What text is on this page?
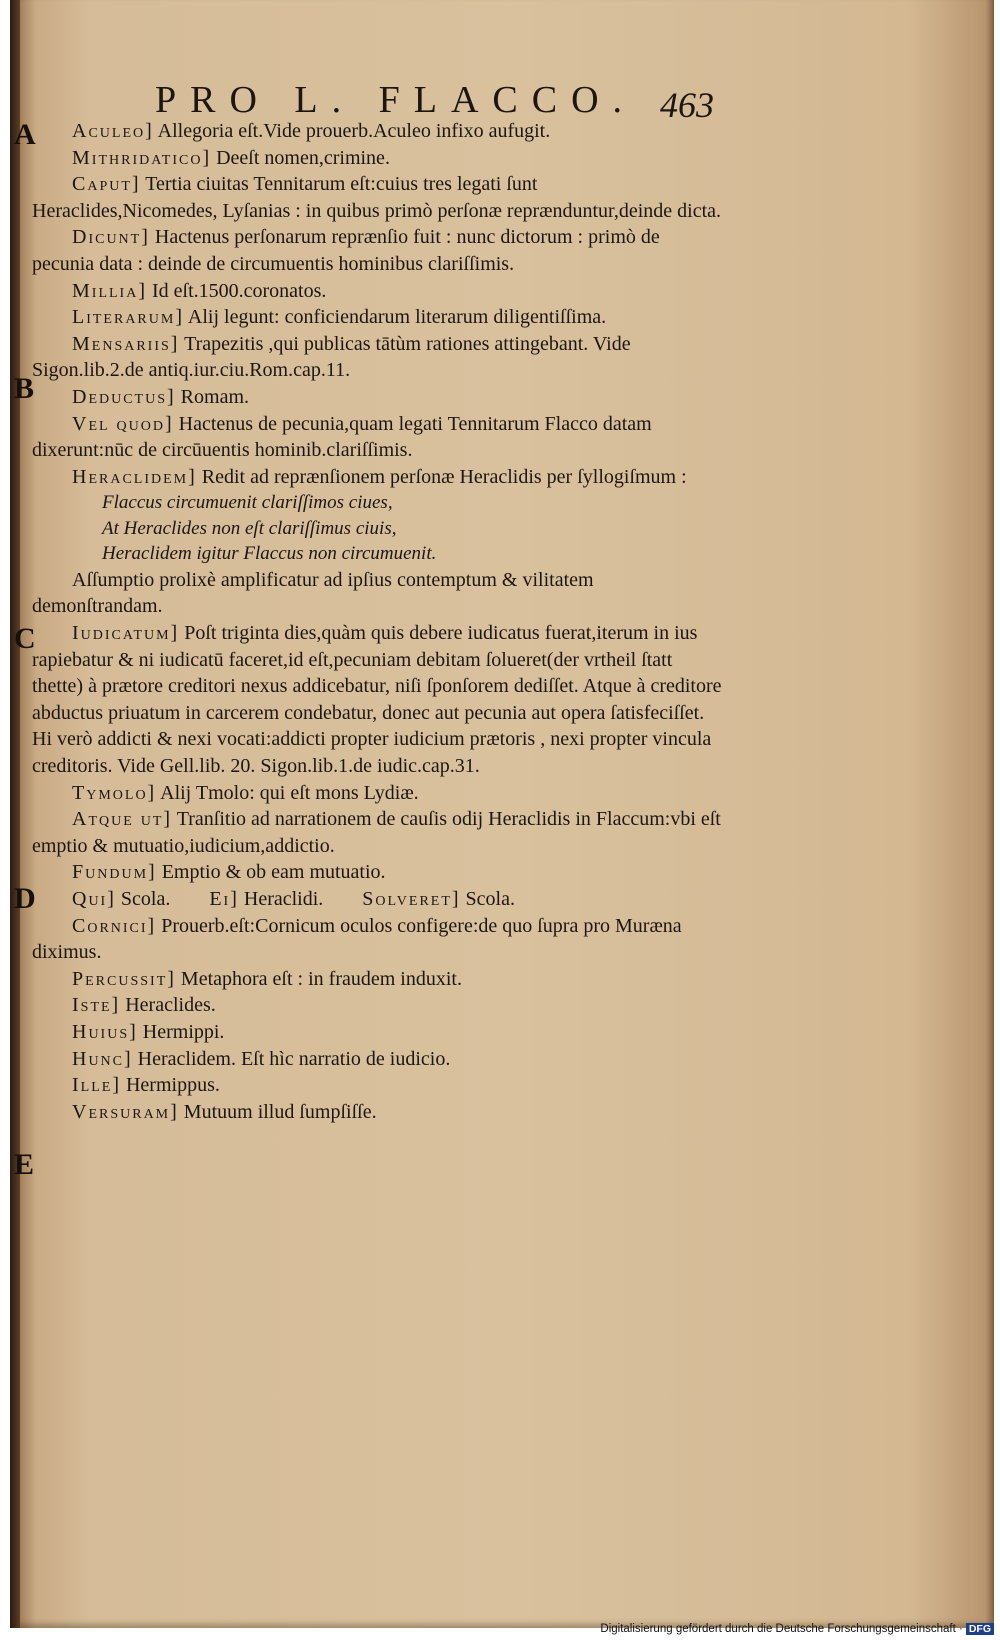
PRO L. FLACCO. 463
A
B
C
D
E

Aculeo] Allegoria eſt.Vide prouerb.Aculeo infixo aufugit.

Mithridatico] Deeſt nomen,crimine.

Caput] Tertia ciuitas Tennitarum eſt:cuius tres legati ſunt Heraclides,Nicomedes, Lyſanias : in quibus primò perſonæ reprænduntur,deinde dicta.

Dicunt] Hactenus perſonarum reprænſio fuit : nunc dictorum : primò de pecunia data : deinde de circumuentis hominibus clariſſimis.

Millia] Id eſt.1500.coronatos.

Literarum] Alij legunt: conficiendarum literarum diligentiſſima.

Mensariis] Trapezitis ,qui publicas tātùm rationes attingebant. Vide Sigon.lib.2.de antiq.iur.ciu.Rom.cap.11.

Deductus] Romam.

Vel quod] Hactenus de pecunia,quam legati Tennitarum Flacco datam dixerunt:nūc de circūuentis hominib.clariſſimis.

Heraclidem] Redit ad reprænſionem perſonæ Heraclidis per ſyllogiſmum :

Flaccus circumuenit clariſſimos ciues,

At Heraclides non eſt clariſſimus ciuis,

Heraclidem igitur Flaccus non circumuenit.

Aſſumptio prolixè amplificatur ad ipſius contemptum & vilitatem demonſtrandam.

Iudicatum] Poſt triginta dies,quàm quis debere iudicatus fuerat,iterum in ius rapiebatur & ni iudicatū faceret,id eſt,pecuniam debitam ſolueret(der vrtheil ſtatt thette) à prætore creditori nexus addicebatur, niſi ſponſorem dediſſet. Atque à creditore abductus priuatum in carcerem condebatur, donec aut pecunia aut opera ſatisfeciſſet. Hi verò addicti & nexi vocati:addicti propter iudicium prætoris , nexi propter vincula creditoris. Vide Gell.lib. 20. Sigon.lib.1.de iudic.cap.31.

Tymolo] Alij Tmolo: qui eſt mons Lydiæ.

Atque ut] Tranſitio ad narrationem de cauſis odij Heraclidis in Flaccum:vbi eſt emptio & mutuatio,iudicium,addictio.

Fundum] Emptio & ob eam mutuatio.

Qui] Scola. Ei] Heraclidi. Solveret] Scola.

Cornici] Prouerb.eſt:Cornicum oculos configere:de quo ſupra pro Muræna diximus.

Percussit] Metaphora eſt : in fraudem induxit.

Iste] Heraclides.

Huius] Hermippi.

Hunc] Heraclidem. Eſt hìc narratio de iudicio.

Ille] Hermippus.

Versuram] Mutuum illud ſumpſiſſe.

Digitalisierung gefördert durch die Deutsche Forschungsgemeinschaft · DFG
